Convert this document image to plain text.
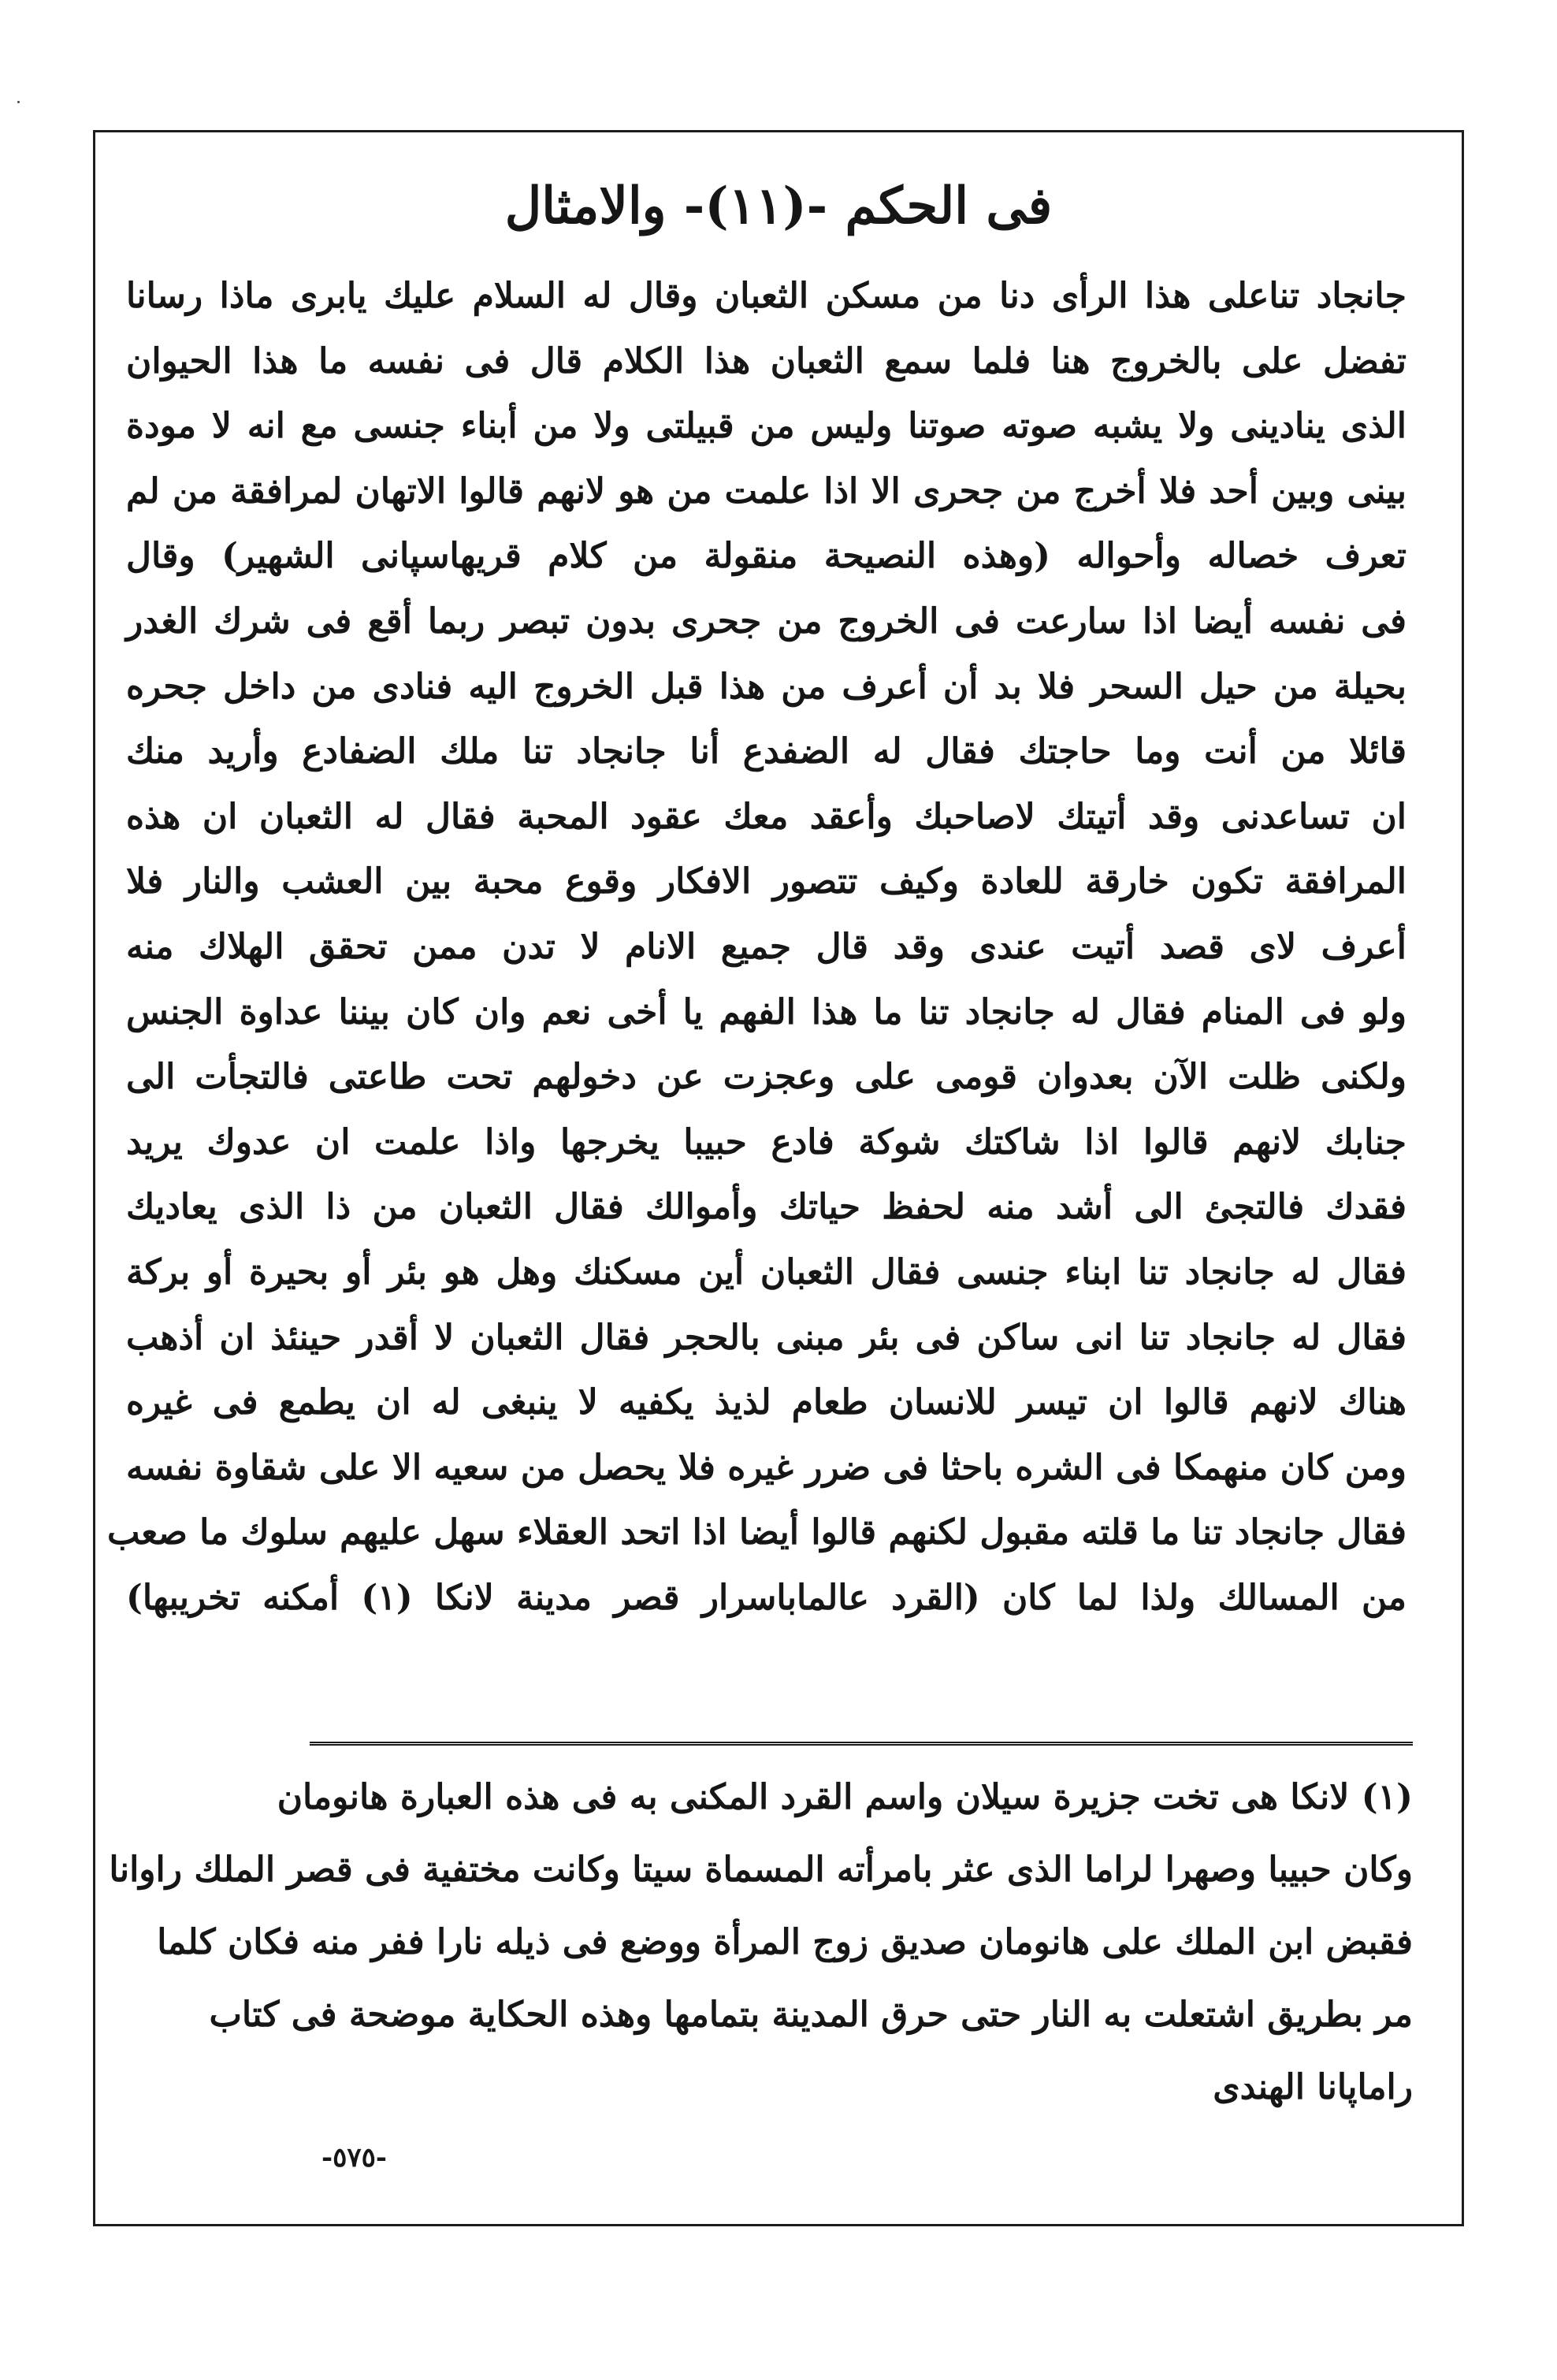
فى الحكم -(١١)- والامثال
جانجاد تناعلى هذا الرأى دنا من مسكن الثعبان وقال له السلام عليك يابرى ماذا رسانا
تفضل على بالخروج هنا فلما سمع الثعبان هذا الكلام قال فى نفسه ما هذا الحيوان
الذى ينادينى ولا يشبه صوته صوتنا وليس من قبيلتى ولا من أبناء جنسى مع انه لا مودة
بينى وبين أحد فلا أخرج من جحرى الا اذا علمت من هو لانهم قالوا الاتهان لمرافقة من لم
تعرف خصاله وأحواله (وهذه النصيحة منقولة من كلام قريهاسپانى الشهير) وقال
فى نفسه أيضا اذا سارعت فى الخروج من جحرى بدون تبصر ربما أقع فى شرك الغدر
بحيلة من حيل السحر فلا بد أن أعرف من هذا قبل الخروج اليه فنادى من داخل جحره
قائلا من أنت وما حاجتك فقال له الضفدع أنا جانجاد تنا ملك الضفادع وأريد منك
ان تساعدنى وقد أتيتك لاصاحبك وأعقد معك عقود المحبة فقال له الثعبان ان هذه
المرافقة تكون خارقة للعادة وكيف تتصور الافكار وقوع محبة بين العشب والنار فلا
أعرف لاى قصد أتيت عندى وقد قال جميع الانام لا تدن ممن تحقق الهلاك منه
ولو فى المنام فقال له جانجاد تنا ما هذا الفهم يا أخى نعم وان كان بيننا عداوة الجنس
ولكنى ظلت الآن بعدوان قومى على وعجزت عن دخولهم تحت طاعتى فالتجأت الى
جنابك لانهم قالوا اذا شاكتك شوكة فادع حبيبا يخرجها واذا علمت ان عدوك يريد
فقدك فالتجئ الى أشد منه لحفظ حياتك وأموالك فقال الثعبان من ذا الذى يعاديك
فقال له جانجاد تنا ابناء جنسى فقال الثعبان أين مسكنك وهل هو بئر أو بحيرة أو بركة
فقال له جانجاد تنا انى ساكن فى بئر مبنى بالحجر فقال الثعبان لا أقدر حينئذ ان أذهب
هناك لانهم قالوا ان تيسر للانسان طعام لذيذ يكفيه لا ينبغى له ان يطمع فى غيره
ومن كان منهمكا فى الشره باحثا فى ضرر غيره فلا يحصل من سعيه الا على شقاوة نفسه
فقال جانجاد تنا ما قلته مقبول لكنهم قالوا أيضا اذا اتحد العقلاء سهل عليهم سلوك ما صعب
من المسالك ولذا لما كان (القرد عالماباسرار قصر مدينة لانكا (١) أمكنه تخريبها)
(١) لانكا هى تخت جزيرة سيلان واسم القرد المكنى به فى هذه العبارة هانومان
وكان حبيبا وصهرا لراما الذى عثر بامرأته المسماة سيتا وكانت مختفية فى قصر الملك راوانا
فقبض ابن الملك على هانومان صديق زوج المرأة ووضع فى ذيله نارا ففر منه فكان كلما
مر بطريق اشتعلت به النار حتى حرق المدينة بتمامها وهذه الحكاية موضحة فى كتاب
راماپانا الهندى
-٥٧٥-
